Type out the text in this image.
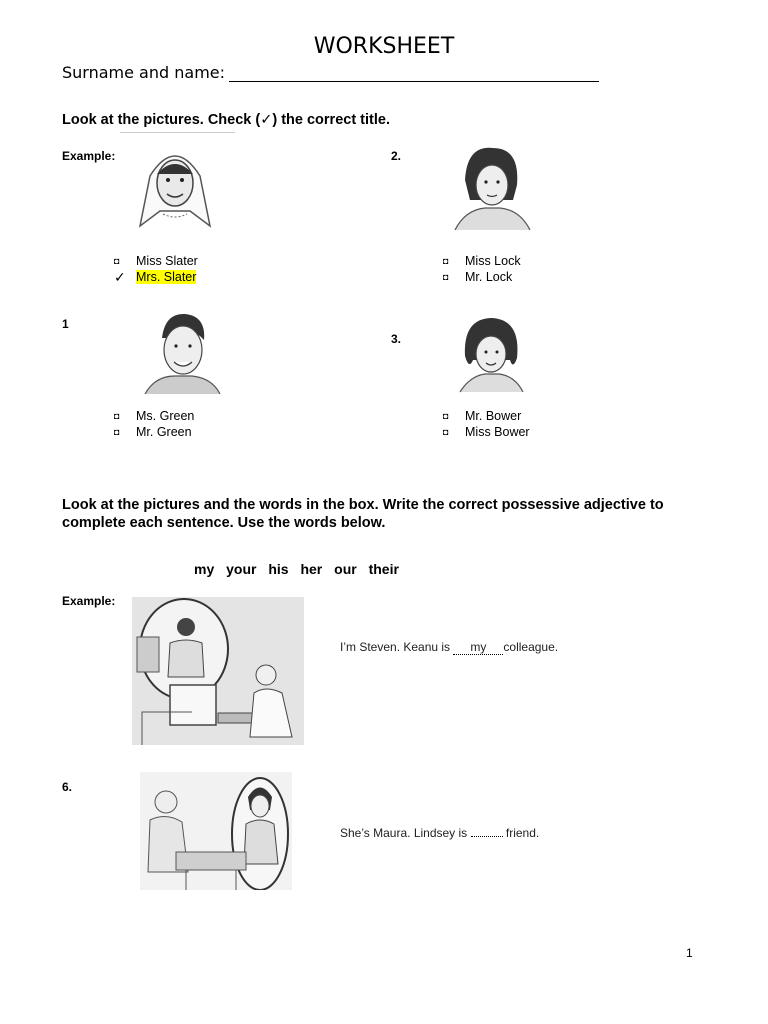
WORKSHEET
Surname and name:
Look at the pictures. Check (✓) the correct title.
Example:
◘	Miss Slater
✓ Mrs. Slater
2.
◘	Miss Lock
◘	Mr. Lock
1
◘	Ms. Green
◘	Mr. Green
3.
◘	Mr. Bower
◘	Miss Bower
Look at the pictures and the words in the box. Write the correct possessive adjective to
complete each sentence. Use the words below.
my your his her our their
Example:
I’m Steven. Keanu is my colleague.
6.
She’s Maura. Lindsey is	friend.
1
